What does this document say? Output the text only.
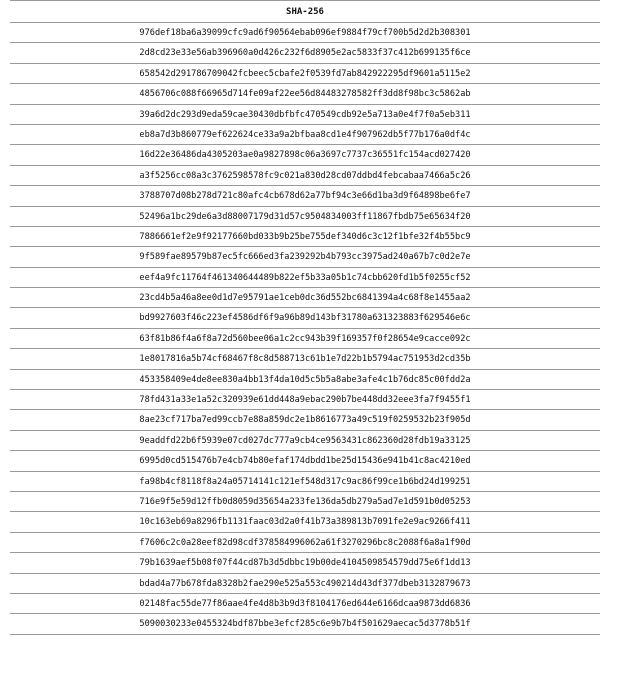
SHA-256
976def18ba6a39099cfc9ad6f90564ebab096ef9884f79cf700b5d2d2b308301
2d8cd23e33e56ab396960a0d426c232f6d8905e2ac5833f37c412b699135f6ce
658542d291786709042fcbeec5cbafe2f0539fd7ab842922295df9601a5115e2
4856706c088f66965d714fe09af22ee56d84483278582ff3dd8f98bc3c5862ab
39a6d2dc293d9eda59cae30430dbfbfc470549cdb92e5a713a0e4f7f0a5eb311
eb8a7d3b860779ef622624ce33a9a2bfbaa8cd1e4f907962db5f77b176a0df4c
16d22e36486da4305203ae0a9827898c06a3697c7737c36551fc154acd027420
a3f5256cc08a3c3762598578fc9c021a830d28cd07ddbd4febcabaa7466a5c26
3788707d08b278d721c80afc4cb678d62a77bf94c3e66d1ba3d9f64898be6fe7
52496a1bc29de6a3d88007179d31d57c9504834003ff11867fbdb75e65634f20
7886661ef2e9f92177660bd033b9b25be755def340d6c3c12f1bfe32f4b55bc9
9f589fae89579b87ec5fc666ed3fa239292b4b793cc3975ad240a67b7c0d2e7e
eef4a9fc11764f461340644489b822ef5b33a05b1c74cbb620fd1b5f0255cf52
23cd4b5a46a8ee0d1d7e95791ae1ceb0dc36d552bc6841394a4c68f8e1455aa2
bd9927603f46c223ef4586df6f9a96b89d143bf31780a631323883f629546e6c
63f81b86f4a6f8a72d560bee06a1c2cc943b39f169357f0f28654e9cacce092c
1e8017816a5b74cf68467f8c8d588713c61b1e7d22b1b5794ac751953d2cd35b
453358409e4de8ee830a4bb13f4da10d5c5b5a8abe3afe4c1b76dc85c00fdd2a
78fd431a33e1a52c320939e61dd448a9ebac290b7be448dd32eee3fa7f9455f1
8ae23cf717ba7ed99ccb7e88a859dc2e1b8616773a49c519f0259532b23f905d
9eaddfd22b6f5939e07cd027dc777a9cb4ce9563431c862360d28fdb19a33125
6995d0cd515476b7e4cb74b80efaf174dbdd1be25d15436e941b41c8ac4210ed
fa98b4cf8118f8a24a05714141c121ef548d317c9ac86f99ce1b6bd24d199251
716e9f5e59d12ffb0d8059d35654a233fe136da5db279a5ad7e1d591b0d05253
10c163eb69a8296fb1131faac03d2a0f41b73a389813b7091fe2e9ac9266f411
f7606c2c0a28eef82d98cdf378584996062a61f3270296bc8c2088f6a8a1f90d
79b1639aef5b08f07f44cd87b3d5dbbc19b00de4104509854579dd75e6f1dd13
bdad4a77b678fda8328b2fae290e525a553c490214d43df377dbeb3132879673
02148fac55de77f86aae4fe4d8b3b9d3f8104176ed644e6166dcaa9873dd6836
5090030233e0455324bdf87bbe3efcf285c6e9b7b4f501629aecac5d3778b51f
